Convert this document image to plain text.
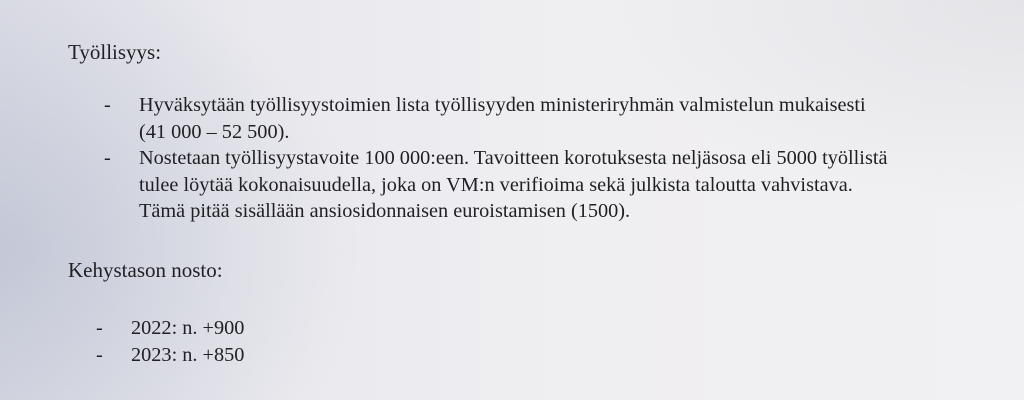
Työllisyys:
-	Hyväksytään työllisyystoimien lista työllisyyden ministeriryhmän valmistelun mukaisesti
(41 000 – 52 500).
-	Nostetaan työllisyystavoite 100 000:een. Tavoitteen korotuksesta neljäsosa eli 5000 työllistä
tulee löytää kokonaisuudella, joka on VM:n verifioima sekä julkista taloutta vahvistava.
Tämä pitää sisällään ansiosidonnaisen euroistamisen (1500).
Kehystason nosto:
-	2022: n. +900
-	2023: n. +850
